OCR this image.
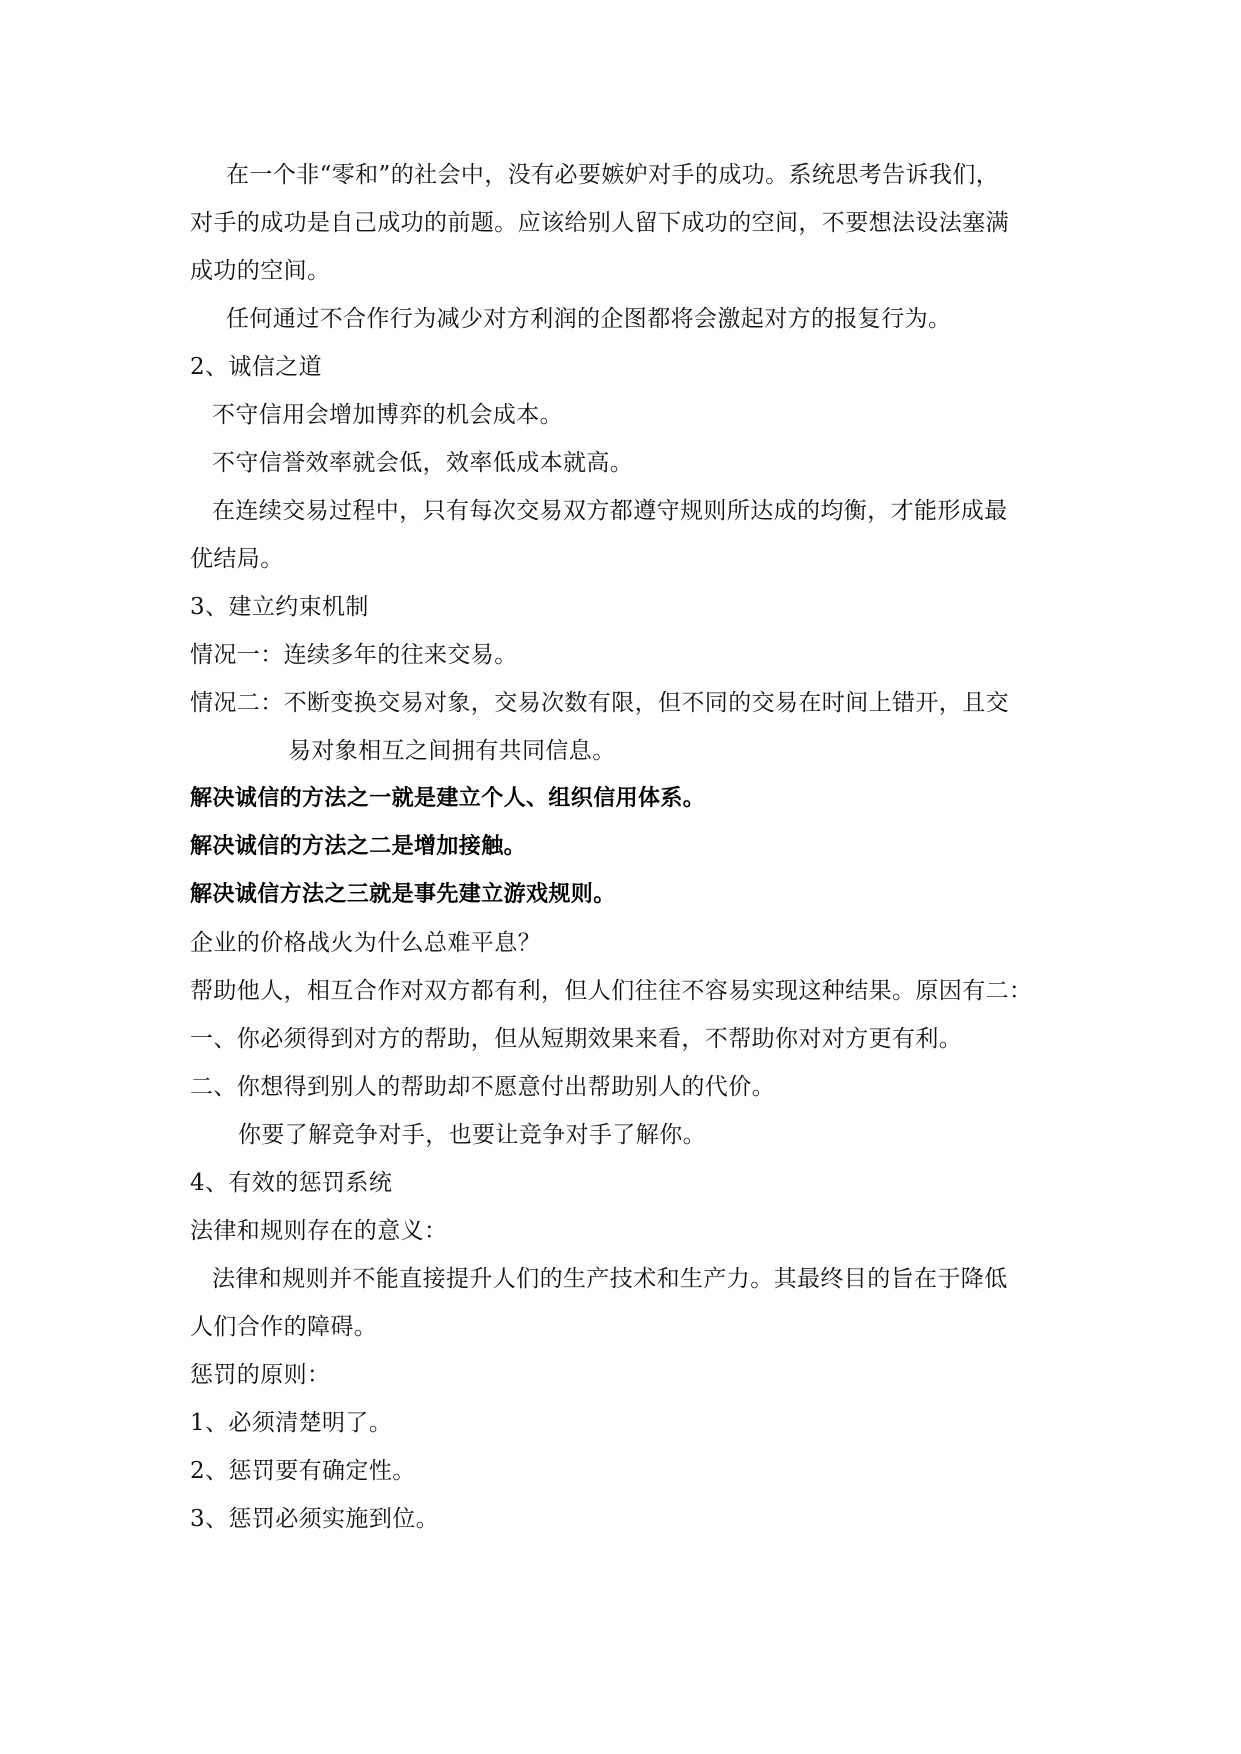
在一个非“零和”的社会中，没有必要嫉妒对手的成功。系统思考告诉我们，
对手的成功是自己成功的前题。应该给别人留下成功的空间，不要想法设法塞满
成功的空间。
任何通过不合作行为减少对方利润的企图都将会激起对方的报复行为。
2、诚信之道
不守信用会增加博弈的机会成本。
不守信誉效率就会低，效率低成本就高。
在连续交易过程中，只有每次交易双方都遵守规则所达成的均衡，才能形成最
优结局。
3、建立约束机制
情况一：连续多年的往来交易。
情况二：不断变换交易对象，交易次数有限，但不同的交易在时间上错开，且交
易对象相互之间拥有共同信息。
解决诚信的方法之一就是建立个人、组织信用体系。
解决诚信的方法之二是增加接触。
解决诚信方法之三就是事先建立游戏规则。
企业的价格战火为什么总难平息？
帮助他人，相互合作对双方都有利，但人们往往不容易实现这种结果。原因有二：
一、你必须得到对方的帮助，但从短期效果来看，不帮助你对对方更有利。
二、你想得到别人的帮助却不愿意付出帮助别人的代价。
你要了解竞争对手，也要让竞争对手了解你。
4、有效的惩罚系统
法律和规则存在的意义：
法律和规则并不能直接提升人们的生产技术和生产力。其最终目的旨在于降低
人们合作的障碍。
惩罚的原则：
1、必须清楚明了。
2、惩罚要有确定性。
3、惩罚必须实施到位。
